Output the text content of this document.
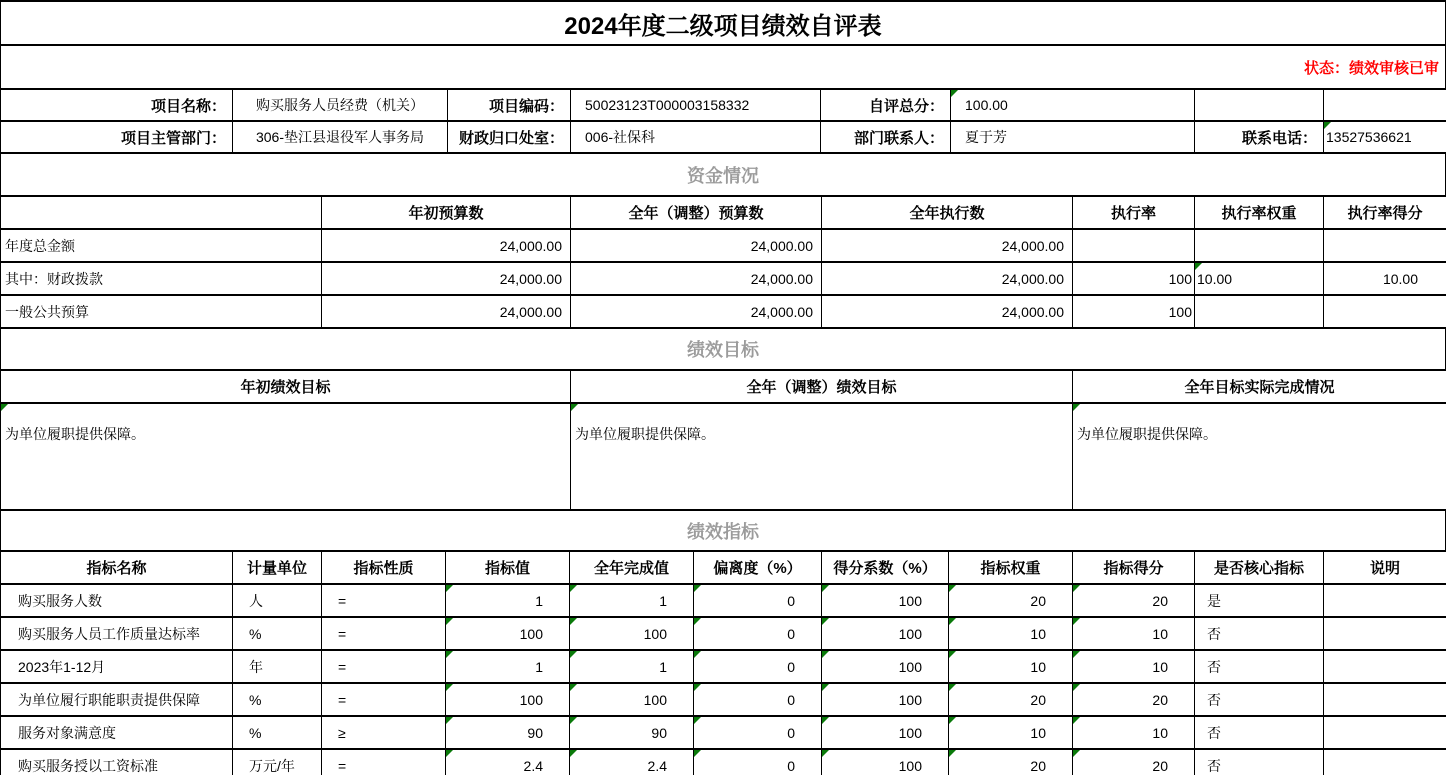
2024年度二级项目绩效自评表
状态：绩效审核已审
项目名称：	购买服务人员经费（机关）	项目编码：	50023123T000003158332	自评总分：	100.00		
项目主管部门：	306-垫江县退役军人事务局	财政归口处室：	006-社保科	部门联系人：	夏于芳	联系电话：	13527536621
资金情况
	年初预算数	全年（调整）预算数	全年执行数	执行率	执行率权重	执行率得分
年度总金额	24,000.00	24,000.00	24,000.00			
其中：财政拨款	24,000.00	24,000.00	24,000.00	100	10.00	10.00
一般公共预算	24,000.00	24,000.00	24,000.00	100		
绩效目标
年初绩效目标	全年（调整）绩效目标	全年目标实际完成情况

为单位履职提供保障。	为单位履职提供保障。	为单位履职提供保障。
绩效指标
指标名称	计量单位	指标性质	指标值	全年完成值	偏离度（%）	得分系数（%）	指标权重	指标得分	是否核心指标	说明
购买服务人数	人	=	1	1	0	100	20	20	是	
购买服务人员工作质量达标率	%	=	100	100	0	100	10	10	否	
2023年1-12月	年	=	1	1	0	100	10	10	否	
为单位履行职能职责提供保障	%	=	100	100	0	100	20	20	否	
服务对象满意度	%	≥	90	90	0	100	10	10	否	
购买服务授以工资标准	万元/年	=	2.4	2.4	0	100	20	20	否	
